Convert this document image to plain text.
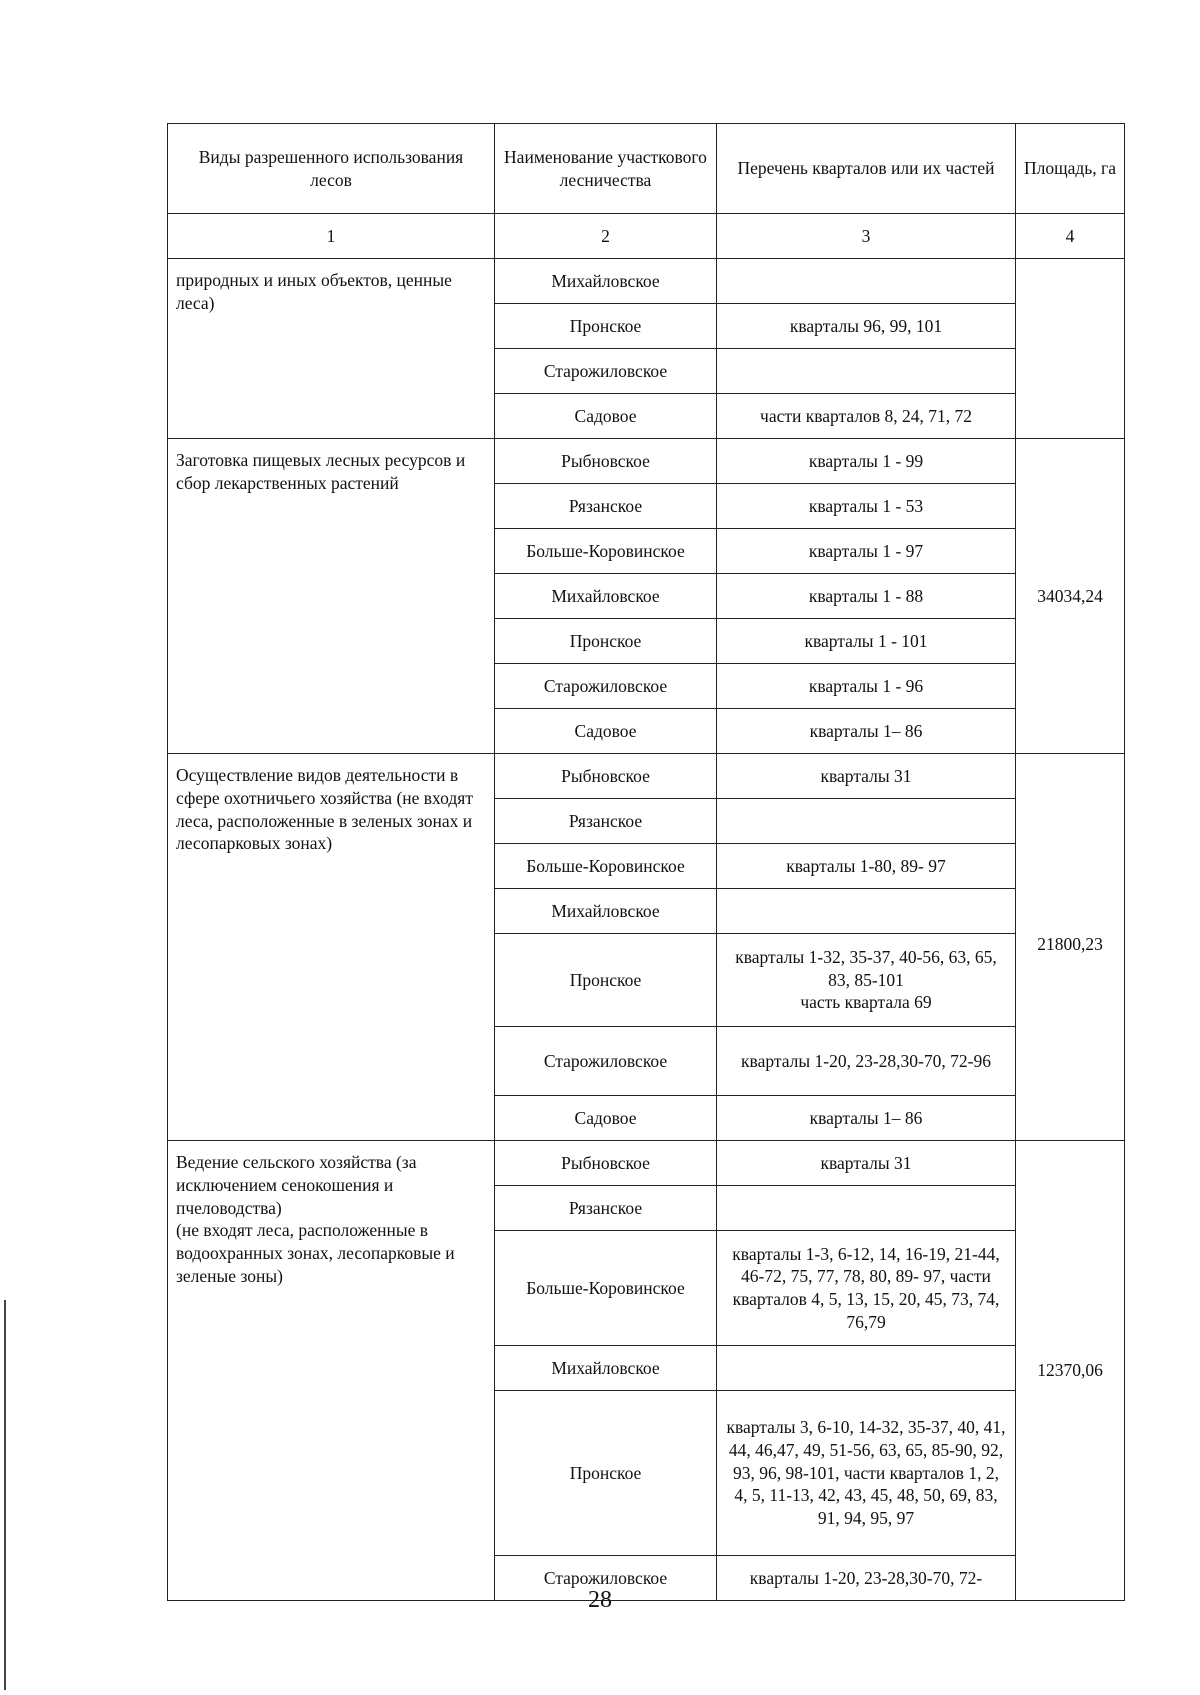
Виды разрешенного использования лесов	Наименование участкового лесничества	Перечень кварталов или их частей	Площадь, га
1	2	3	4
природных и иных объектов, ценные леса)	Михайловское		
	Пронское	кварталы 96, 99, 101	
	Старожиловское		
	Садовое	части кварталов 8, 24, 71, 72	
Заготовка пищевых лесных ресурсов и сбор лекарственных растений	Рыбновское	кварталы 1 - 99	34034,24
	Рязанское	кварталы 1 - 53	
	Больше-Коровинское	кварталы 1 - 97	
	Михайловское	кварталы 1 - 88	
	Пронское	кварталы 1 - 101	
	Старожиловское	кварталы 1 - 96	
	Садовое	кварталы 1– 86	
Осуществление видов деятельности в сфере охотничьего хозяйства (не входят леса, расположенные в зеленых зонах и лесопарковых зонах)	Рыбновское	кварталы 31	21800,23
	Рязанское		
	Больше-Коровинское	кварталы 1-80, 89- 97	
	Михайловское		
	Пронское	кварталы 1-32, 35-37, 40-56, 63, 65, 83, 85-101
часть квартала 69	
	Старожиловское	кварталы 1-20, 23-28,30-70, 72-96	
	Садовое	кварталы 1– 86	
Ведение сельского хозяйства (за исключением сенокошения и пчеловодства)
(не входят леса, расположенные в водоохранных зонах, лесопарковые и зеленые зоны)	Рыбновское	кварталы 31	12370,06
	Рязанское		
	Больше-Коровинское	кварталы 1-3, 6-12, 14, 16-19, 21-44, 46-72, 75, 77, 78, 80, 89- 97, части кварталов 4, 5, 13, 15, 20, 45, 73, 74, 76,79	
	Михайловское		
	Пронское	кварталы 3, 6-10, 14-32, 35-37, 40, 41, 44, 46,47, 49, 51-56, 63, 65, 85-90, 92, 93, 96, 98-101, части кварталов 1, 2, 4, 5, 11-13, 42, 43, 45, 48, 50, 69, 83, 91, 94, 95, 97	
	Старожиловское	кварталы 1-20, 23-28,30-70, 72-	
28
